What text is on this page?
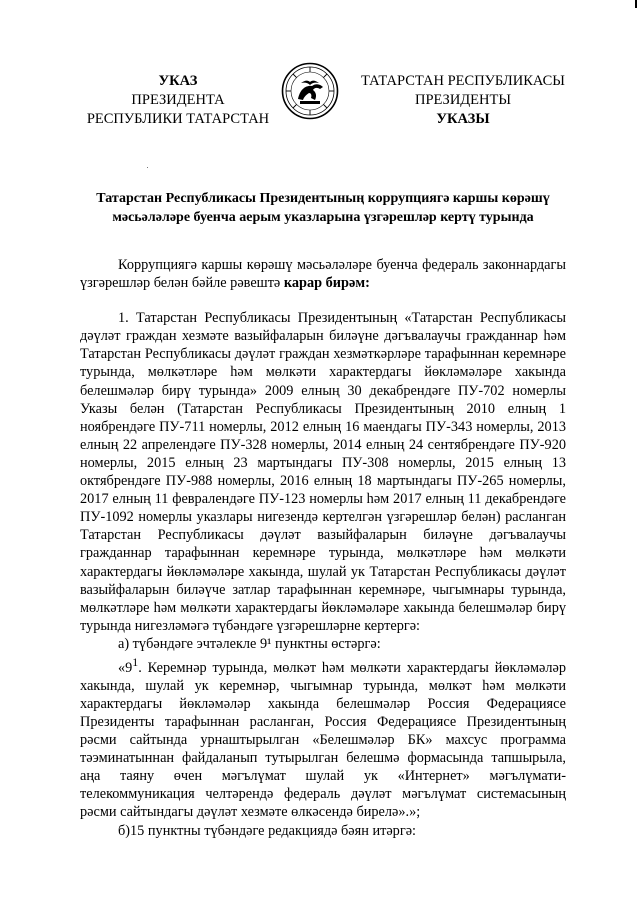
УКАЗ
ПРЕЗИДЕНТА
РЕСПУБЛИКИ ТАТАРСТАН
ТАТАРСТАН РЕСПУБЛИКАСЫ
ПРЕЗИДЕНТЫ
УКАЗЫ
Татарстан Республикасы Президентының коррупциягә каршы көрәшү
мәсьәләләре буенча аерым указларына үзгәрешләр кертү турында

Коррупциягә каршы көрәшү мәсьәләләре буенча федераль законнардагы үзгәрешләр белән бәйле рәвештә карар бирәм:

1. Татарстан Республикасы Президентының «Татарстан Республикасы дәүләт граждан хезмәте вазыйфаларын биләүне дәгъвалаучы гражданнар һәм Татарстан Республикасы дәүләт граждан хезмәткәрләре тарафыннан керемнәре турында, мөлкәтләре һәм мөлкәти характердагы йөкләмәләре хакында белешмәләр бирү турында» 2009 елның 30 декабрендәге ПУ-702 номерлы Указы белән (Татарстан Республикасы Президентының 2010 елның 1 ноябрендәге ПУ-711 номерлы, 2012 елның 16 маендагы ПУ-343 номерлы, 2013 елның 22 апрелендәге ПУ-328 номерлы, 2014 елның 24 сентябрендәге ПУ-920 номерлы, 2015 елның 23 мартындагы ПУ-308 номерлы, 2015 елның 13 октябрендәге ПУ-988 номерлы, 2016 елның 18 мартындагы ПУ-265 номерлы, 2017 елның 11 февралендәге ПУ-123 номерлы һәм 2017 елның 11 декабрендәге ПУ-1092 номерлы указлары нигезендә кертелгән үзгәрешләр белән) расланган Татарстан Республикасы дәүләт вазыйфаларын биләүне дәгъвалаучы гражданнар тарафыннан керемнәре турында, мөлкәтләре һәм мөлкәти характердагы йөкләмәләре хакында, шулай ук Татарстан Республикасы дәүләт вазыйфаларын биләүче затлар тарафыннан керемнәре, чыгымнары турында, мөлкәтләре һәм мөлкәти характердагы йөкләмәләре хакында белешмәләр бирү турында нигезләмәгә түбәндәге үзгәрешләрне кертергә:

а) түбәндәге эчтәлекле 9¹ пунктны өстәргә:

«$9^1$. Керемнәр турында, мөлкәт һәм мөлкәти характердагы йөкләмәләр хакында, шулай ук керемнәр, чыгымнар турында, мөлкәт һәм мөлкәти характердагы йөкләмәләр хакында белешмәләр Россия Федерациясе Президенты тарафыннан расланган, Россия Федерациясе Президентының рәсми сайтында урнаштырылган «Белешмәләр БК» махсус программа тәэминатыннан файдаланып тутырылган белешмә формасында тапшырыла, аңа таяну өчен мәгълүмат шулай ук «Интернет» мәгълүмати-телекоммуникация челтәрендә федераль дәүләт мәгълүмат системасының рәсми сайтындагы дәүләт хезмәте өлкәсендә бирелә».»;

б)15 пунктны түбәндәге редакциядә бәян итәргә:
